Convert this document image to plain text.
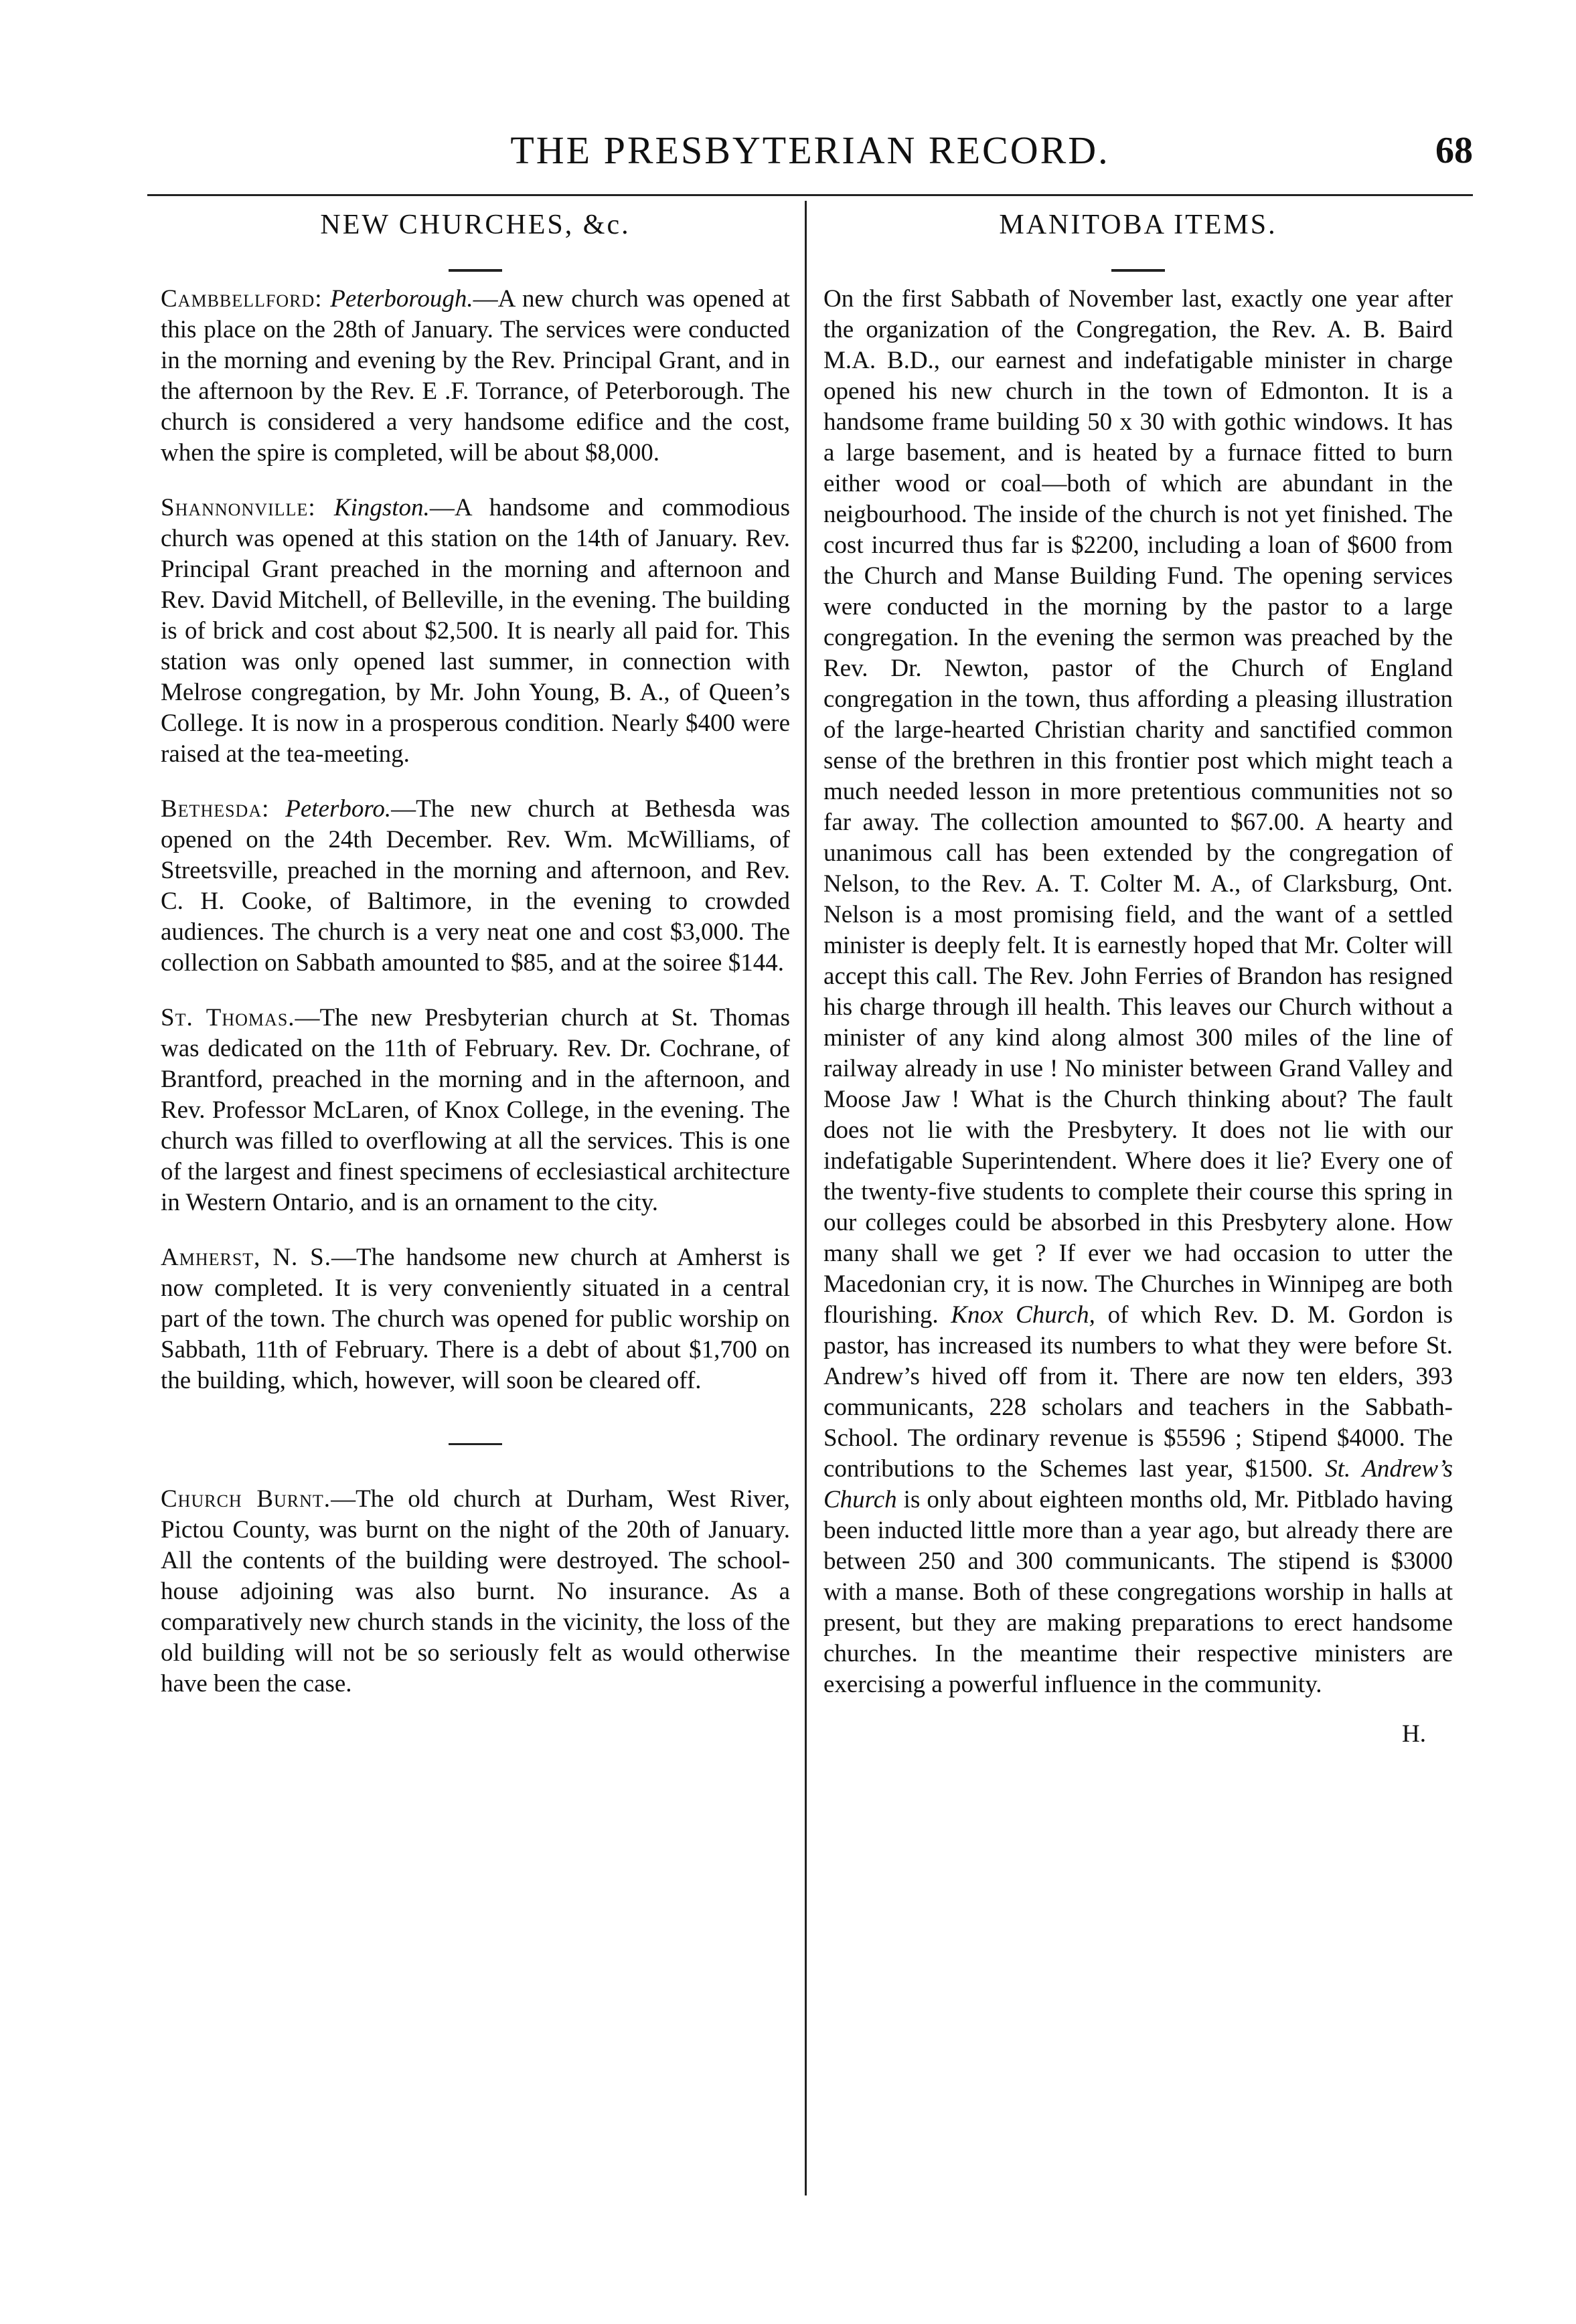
THE PRESBYTERIAN RECORD.	68
NEW CHURCHES, &c.

Cambbellford: Peterborough.—A new church was opened at this place on the 28th of January. The services were conducted in the morning and evening by the Rev. Principal Grant, and in the afternoon by the Rev. E .F. Torrance, of Peterborough. The church is considered a very handsome edifice and the cost, when the spire is completed, will be about $8,000.

Shannonville: Kingston.—A handsome and commodious church was opened at this station on the 14th of January. Rev. Principal Grant preached in the morning and afternoon and Rev. David Mitchell, of Belleville, in the evening. The building is of brick and cost about $2,500. It is nearly all paid for. This station was only opened last summer, in connection with Melrose congregation, by Mr. John Young, B. A., of Queen’s College. It is now in a prosperous condition. Nearly $400 were raised at the tea-meeting.

Bethesda: Peterboro.—The new church at Bethesda was opened on the 24th December. Rev. Wm. McWilliams, of Streetsville, preached in the morning and afternoon, and Rev. C. H. Cooke, of Baltimore, in the evening to crowded audiences. The church is a very neat one and cost $3,000. The collection on Sabbath amounted to $85, and at the soiree $144.

St. Thomas.—The new Presbyterian church at St. Thomas was dedicated on the 11th of February. Rev. Dr. Cochrane, of Brantford, preached in the morning and in the afternoon, and Rev. Professor McLaren, of Knox College, in the evening. The church was filled to overflowing at all the services. This is one of the largest and finest specimens of ecclesiastical architecture in Western Ontario, and is an ornament to the city.

Amherst, N. S.—The handsome new church at Amherst is now completed. It is very conveniently situated in a central part of the town. The church was opened for public worship on Sabbath, 11th of February. There is a debt of about $1,700 on the building, which, however, will soon be cleared off.

Church Burnt.—The old church at Durham, West River, Pictou County, was burnt on the night of the 20th of January. All the contents of the building were destroyed. The school-house adjoining was also burnt. No insurance. As a comparatively new church stands in the vicinity, the loss of the old building will not be so seriously felt as would otherwise have been the case.

MANITOBA ITEMS.

On the first Sabbath of November last, exactly one year after the organization of the Congregation, the Rev. A. B. Baird M.A. B.D., our earnest and indefatigable minister in charge opened his new church in the town of Edmonton. It is a handsome frame building 50 x 30 with gothic windows. It has a large basement, and is heated by a furnace fitted to burn either wood or coal—both of which are abundant in the neigbourhood. The inside of the church is not yet finished. The cost incurred thus far is $2200, including a loan of $600 from the Church and Manse Building Fund. The opening services were conducted in the morning by the pastor to a large congregation. In the evening the sermon was preached by the Rev. Dr. Newton, pastor of the Church of England congregation in the town, thus affording a pleasing illustration of the large-hearted Christian charity and sanctified common sense of the brethren in this frontier post which might teach a much needed lesson in more pretentious communities not so far away. The collection amounted to $67.00. A hearty and unanimous call has been extended by the congregation of Nelson, to the Rev. A. T. Colter M. A., of Clarksburg, Ont. Nelson is a most promising field, and the want of a settled minister is deeply felt. It is earnestly hoped that Mr. Colter will accept this call. The Rev. John Ferries of Brandon has resigned his charge through ill health. This leaves our Church without a minister of any kind along almost 300 miles of the line of railway already in use ! No minister between Grand Valley and Moose Jaw ! What is the Church thinking about? The fault does not lie with the Presbytery. It does not lie with our indefatigable Superintendent. Where does it lie? Every one of the twenty-five students to complete their course this spring in our colleges could be absorbed in this Presbytery alone. How many shall we get ? If ever we had occasion to utter the Macedonian cry, it is now. The Churches in Winnipeg are both flourishing. Knox Church, of which Rev. D. M. Gordon is pastor, has increased its numbers to what they were before St. Andrew’s hived off from it. There are now ten elders, 393 communicants, 228 scholars and teachers in the Sabbath-School. The ordinary revenue is $5596 ; Stipend $4000. The contributions to the Schemes last year, $1500. St. Andrew’s Church is only about eighteen months old, Mr. Pitblado having been inducted little more than a year ago, but already there are between 250 and 300 communicants. The stipend is $3000 with a manse. Both of these congregations worship in halls at present, but they are making preparations to erect handsome churches. In the meantime their respective ministers are exercising a powerful influence in the community.

H.
